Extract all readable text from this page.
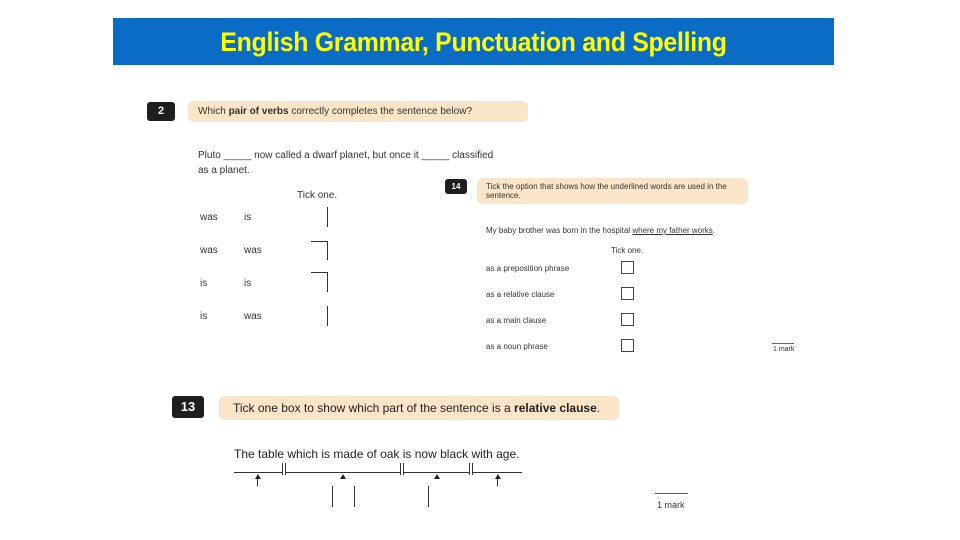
English Grammar, Punctuation and Spelling
2	Which pair of verbs correctly completes the sentence below?
Pluto _____ now called a dwarf planet, but once it _____ classified
as a planet.
Tick one.
was	is
was	was
is	is
is	was
14	Tick the option that shows how the underlined words are used in the
sentence.
My baby brother was born in the hospital where my father works.
Tick one.
as a preposition phrase
as a relative clause
as a main clause
as a noun phrase	1 mark
13	Tick one box to show which part of the sentence is a relative clause.
The table which is made of oak is now black with age.
1 mark
